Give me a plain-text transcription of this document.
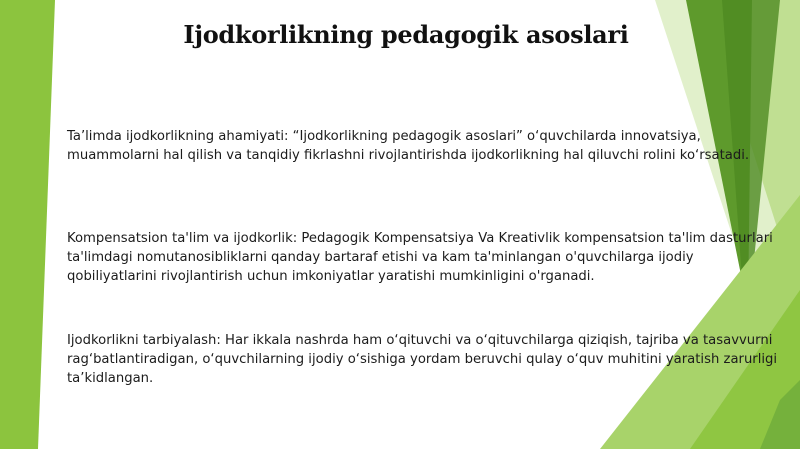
Ijodkorlikning pedagogik asoslari

Ta’limda ijodkorlikning ahamiyati: “Ijodkorlikning pedagogik asoslari” o‘quvchilarda innovatsiya, muammolarni hal qilish va tanqidiy fikrlashni rivojlantirishda ijodkorlikning hal qiluvchi rolini ko‘rsatadi.

Kompensatsion ta'lim va ijodkorlik: Pedagogik Kompensatsiya Va Kreativlik kompensatsion ta'lim dasturlari ta'limdagi nomutanosibliklarni qanday bartaraf etishi va kam ta'minlangan o'quvchilarga ijodiy qobiliyatlarini rivojlantirish uchun imkoniyatlar yaratishi mumkinligini o'rganadi.

Ijodkorlikni tarbiyalash: Har ikkala nashrda ham o‘qituvchi va o‘qituvchilarga qiziqish, tajriba va tasavvurni rag‘batlantiradigan, o‘quvchilarning ijodiy o‘sishiga yordam beruvchi qulay o‘quv muhitini yaratish zarurligi ta’kidlangan.
